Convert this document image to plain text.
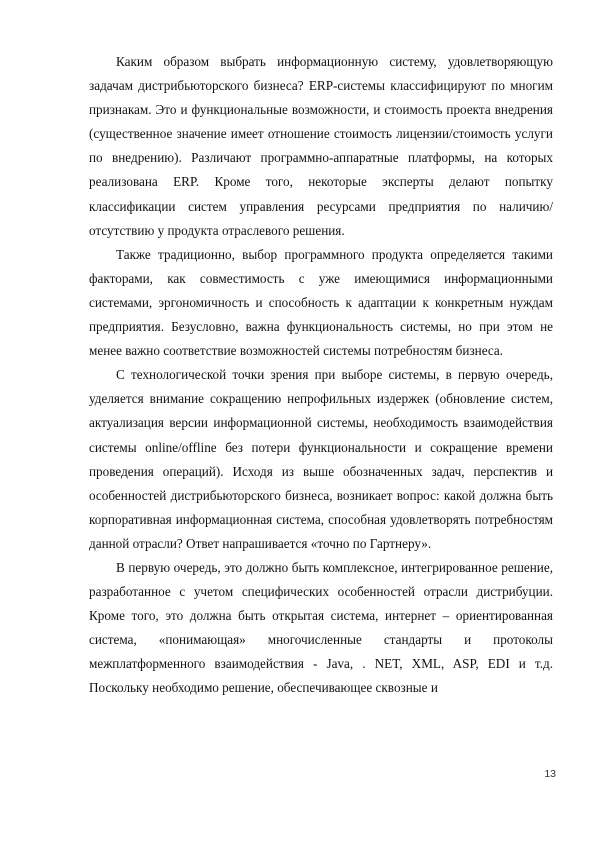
Каким образом выбрать информационную систему, удовлетворяющую задачам дистрибьюторского бизнеса? ERP-системы классифицируют по многим признакам. Это и функциональные возможности, и стоимость проекта внедрения (существенное значение имеет отношение стоимость лицензии/стоимость услуги по внедрению). Различают программно-аппаратные платформы, на которых реализована ERP. Кроме того, некоторые эксперты делают попытку классификации систем управления ресурсами предприятия по наличию/отсутствию у продукта отраслевого решения.

Также традиционно, выбор программного продукта определяется такими факторами, как совместимость с уже имеющимися информационными системами, эргономичность и способность к адаптации к конкретным нуждам предприятия. Безусловно, важна функциональность системы, но при этом не менее важно соответствие возможностей системы потребностям бизнеса.

С технологической точки зрения при выборе системы, в первую очередь, уделяется внимание сокращению непрофильных издержек (обновление систем, актуализация версии информационной системы, необходимость взаимодействия системы online/offline без потери функциональности и сокращение времени проведения операций). Исходя из выше обозначенных задач, перспектив и особенностей дистрибьюторского бизнеса, возникает вопрос: какой должна быть корпоративная информационная система, способная удовлетворять потребностям данной отрасли? Ответ напрашивается «точно по Гартнеру».

В первую очередь, это должно быть комплексное, интегрированное решение, разработанное с учетом специфических особенностей отрасли дистрибуции. Кроме того, это должна быть открытая система, интернет – ориентированная система, «понимающая» многочисленные стандарты и протоколы межплатформенного взаимодействия - Java, . NET, XML, ASP, EDI и т.д. Поскольку необходимо решение, обеспечивающее сквозные и

13
